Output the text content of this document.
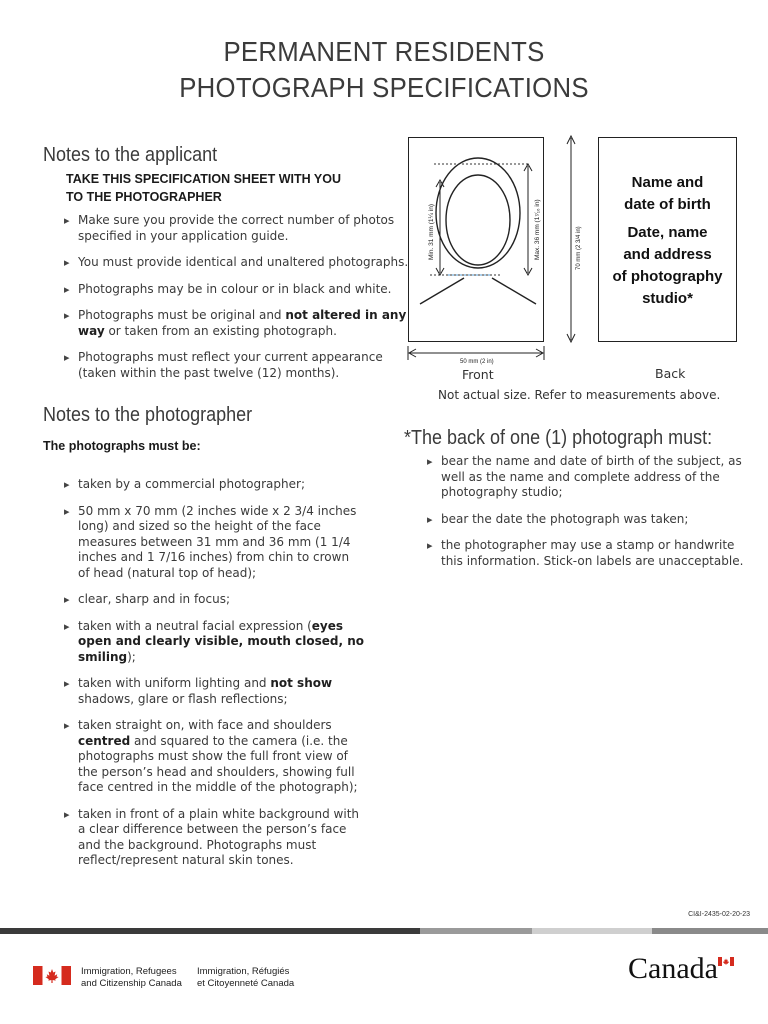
PERMANENT RESIDENTS
PHOTOGRAPH SPECIFICATIONS
Notes to the applicant
TAKE THIS SPECIFICATION SHEET WITH YOU
TO THE PHOTOGRAPHER
▸ Make sure you provide the correct number of photos specified in your application guide.
▸ You must provide identical and unaltered photographs.
▸ Photographs may be in colour or in black and white.
▸ Photographs must be original and not altered in any way or taken from an existing photograph.
▸ Photographs must reflect your current appearance (taken within the past twelve (12) months).
Notes to the photographer
The photographs must be:
▸ taken by a commercial photographer;
▸ 50 mm x 70 mm (2 inches wide x 2 3/4 inches long) and sized so the height of the face measures between 31 mm and 36 mm (1 1/4 inches and 1 7/16 inches) from chin to crown of head (natural top of head);
▸ clear, sharp and in focus;
▸ taken with a neutral facial expression (eyes open and clearly visible, mouth closed, no smiling);
▸ taken with uniform lighting and not show shadows, glare or flash reflections;
▸ taken straight on, with face and shoulders centred and squared to the camera (i.e. the photographs must show the full front view of the person’s head and shoulders, showing full face centred in the middle of the photograph);
▸ taken in front of a plain white background with a clear difference between the person’s face and the background. Photographs must reflect/represent natural skin tones.
Min. 31 mm (1¼ in)	Max. 36 mm (1⁷⁄₁₆ in)	70 mm (2 3/4 in)
50 mm (2 in)
Name and
date of birth
Date, name
and address
of photography
studio*
Front	Back
Not actual size. Refer to measurements above.
*The back of one (1) photograph must:
▸ bear the name and date of birth of the subject, as well as the name and complete address of the photography studio;
▸ bear the date the photograph was taken;
▸ the photographer may use a stamp or handwrite this information. Stick-on labels are unacceptable.
CI&I-2435-02-20-23
Immigration, Refugees
and Citizenship Canada
Immigration, Réfugiés
et Citoyenneté Canada	Canada
